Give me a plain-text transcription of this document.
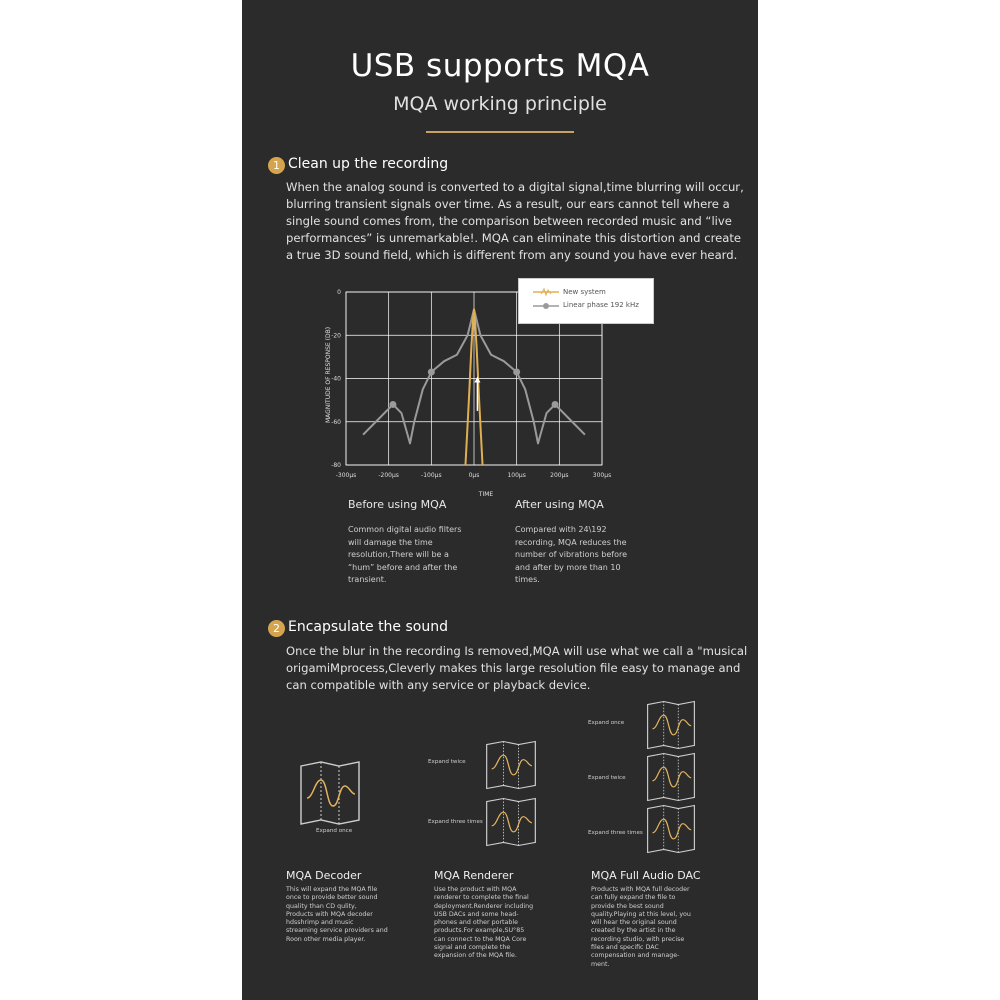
USB supports MQA
MQA working principle
1 Clean up the recording
When the analog sound is converted to a digital signal,time blurring will occur,
blurring transient signals over time. As a result, our ears cannot tell where a
single sound comes from, the comparison between recorded music and “live
performances” is unremarkable!. MQA can eliminate this distortion and create
a true 3D sound field, which is different from any sound you have ever heard.
0
-20
-40
-60
-80
-300μs	-200μs	-100μs	0μs	100μs	200μs	300μs
MAGNITUDE OF RESPONSE (DB)
TIME
New system
Linear phase 192 kHz
Before using MQA
Common digital audio filters
will damage the time
resolution,There will be a
“hum” before and after the
transient.
After using MQA
Compared with 24\192
recording, MQA reduces the
number of vibrations before
and after by more than 10
times.
2 Encapsulate the sound
Once the blur in the recording Is removed,MQA will use what we call a "musical
origamiMprocess,Cleverly makes this large resolution file easy to manage and
can compatible with any service or playback device.
Expand once
Expand twice
Expand three times
Expand once
Expand twice
Expand three times
MQA Decoder
This will expand the MQA file
once to provide better sound
quality than CD qulity,
Products with MQA decoder
hdsshrimp and music
streaming service providers and
Roon other media player.
MQA Renderer
Use the product with MQA
renderer to complete the final
deployment.Renderer including
USB DACs and some head-
phones and other portable
products.For example,SU°85
can connect to the MQA Core
signal and complete the
expansion of the MQA file.
MQA Full Audio DAC
Products with MQA full decoder
can fully expand the file to
provide the best sound
quality.Playing at this level, you
will hear the original sound
created by the artist in the
recording studio, with precise
files and specific DAC
compensation and manage-
ment.
